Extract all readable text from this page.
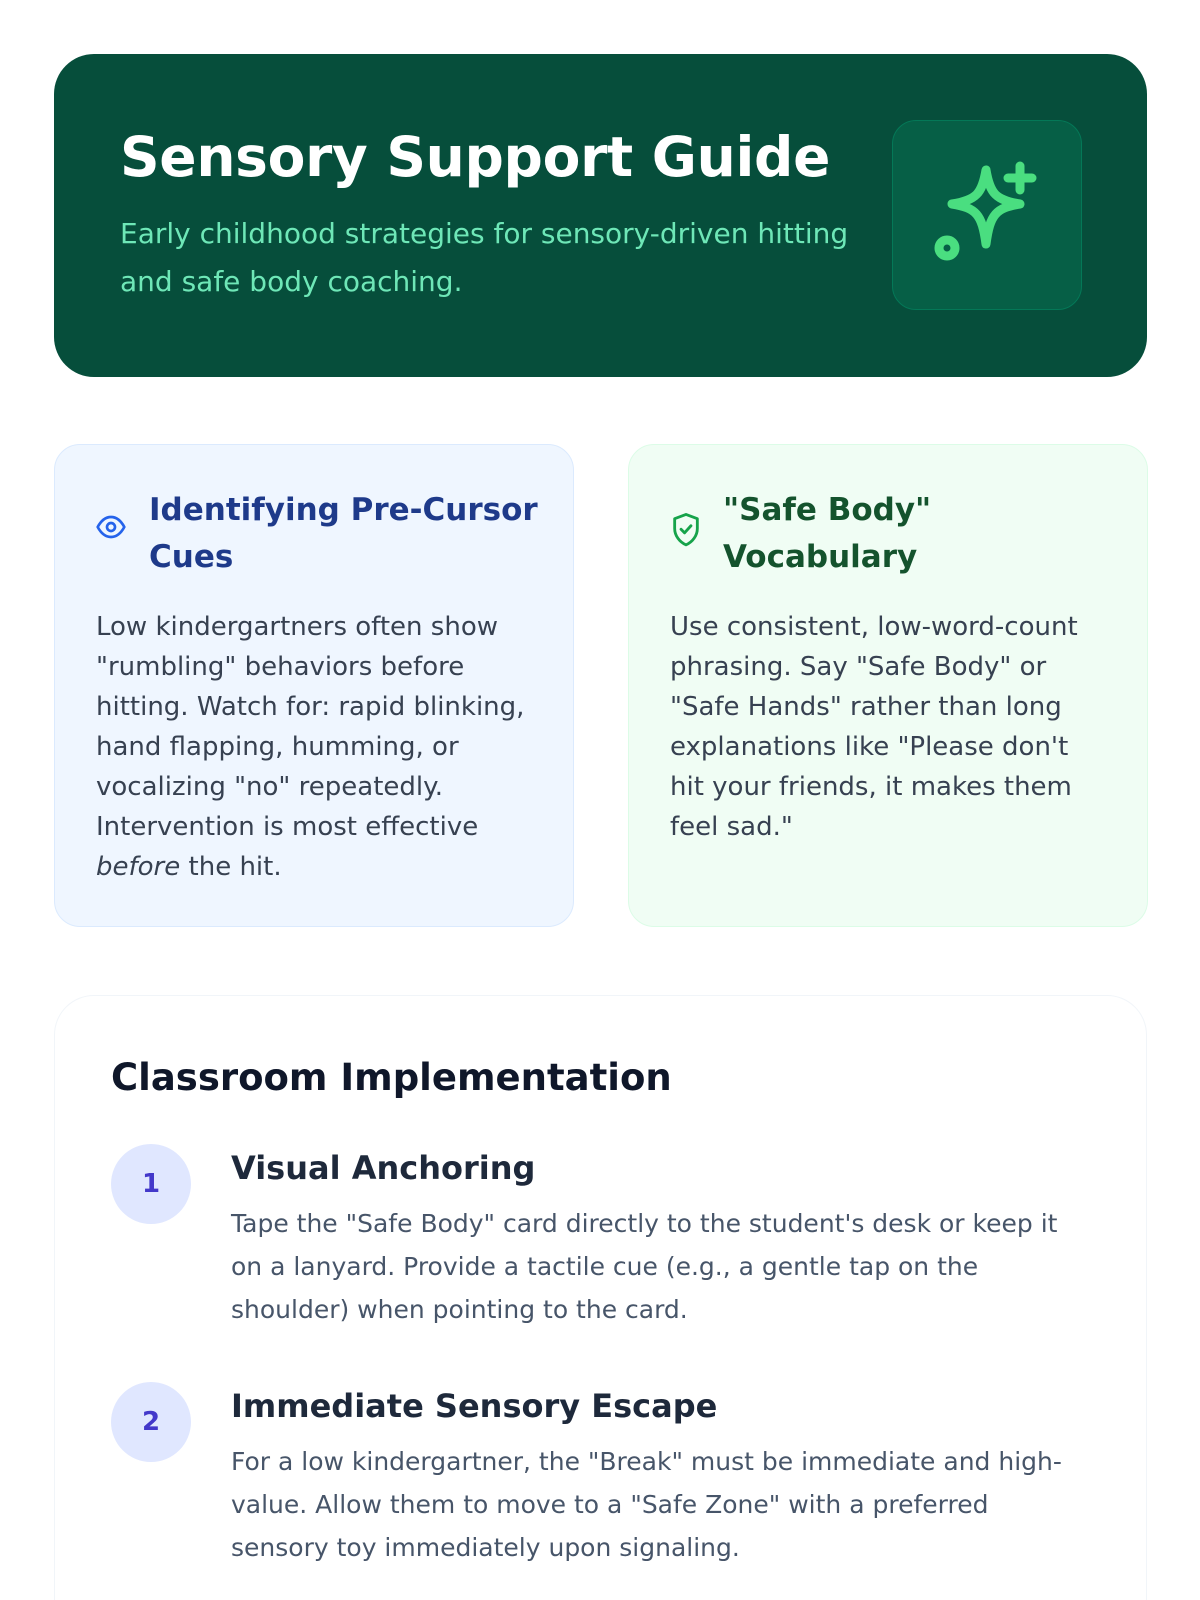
Sensory Support Guide

Early childhood strategies for sensory-driven hitting and safe body coaching.

Identifying Pre-Cursor Cues

Low kindergartners often show "rumbling" behaviors before hitting. Watch for: rapid blinking, hand flapping, humming, or vocalizing "no" repeatedly. Intervention is most effective before the hit.

"Safe Body" Vocabulary

Use consistent, low-word-count phrasing. Say "Safe Body" or "Safe Hands" rather than long explanations like "Please don't hit your friends, it makes them feel sad."

Classroom Implementation
1	Visual Anchoring

Tape the "Safe Body" card directly to the student's desk or keep it on a lanyard. Provide a tactile cue (e.g., a gentle tap on the shoulder) when pointing to the card.

2	Immediate Sensory Escape

For a low kindergartner, the "Break" must be immediate and high-value. Allow them to move to a "Safe Zone" with a preferred sensory toy immediately upon signaling.
